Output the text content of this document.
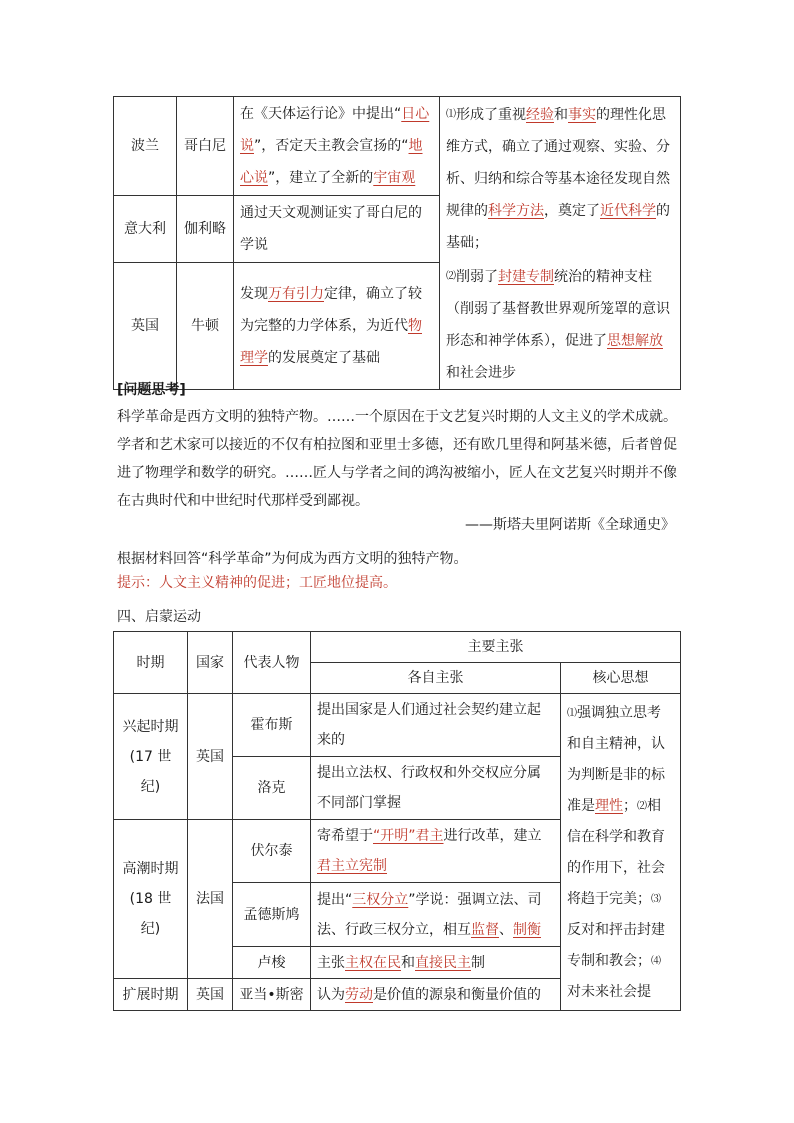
波兰	哥白尼	在《天体运行论》中提出“日心说”，否定天主教会宣扬的“地心说”，建立了全新的宇宙观	⑴形成了重视经验和事实的理性化思维方式，确立了通过观察、实验、分析、归纳和综合等基本途径发现自然规律的科学方法，奠定了近代科学的基础；
⑵削弱了封建专制统治的精神支柱（削弱了基督教世界观所笼罩的意识形态和神学体系），促进了思想解放和社会进步

意大利	伽利略	通过天文观测证实了哥白尼的学说	
英国	牛顿	发现万有引力定律，确立了较为完整的力学体系，为近代物理学的发展奠定了基础	
[问题思考]
科学革命是西方文明的独特产物。……一个原因在于文艺复兴时期的人文主义的学术成就。学者和艺术家可以接近的不仅有柏拉图和亚里士多德，还有欧几里得和阿基米德，后者曾促进了物理学和数学的研究。……匠人与学者之间的鸿沟被缩小，匠人在文艺复兴时期并不像在古典时代和中世纪时代那样受到鄙视。
——斯塔夫里阿诺斯《全球通史》
根据材料回答“科学革命”为何成为西方文明的独特产物。
提示：人文主义精神的促进；工匠地位提高。
四、启蒙运动
时期	国家	代表人物	主要主张	
			各自主张	核心思想

兴起时期
(17 世纪)	英国	霍布斯	提出国家是人们通过社会契约建立起来的	⑴强调独立思考和自主精神，认为判断是非的标准是理性；⑵相信在科学和教育的作用下，社会将趋于完美；⑶反对和抨击封建专制和教会；⑷对未来社会提
		洛克	提出立法权、行政权和外交权应分属不同部门掌握	

高潮时期
(18 世纪)	法国	伏尔泰	寄希望于“开明”君主进行改革，建立君主立宪制	
		孟德斯鸠	提出“三权分立”学说：强调立法、司法、行政三权分立，相互监督、制衡	
		卢梭	主张主权在民和直接民主制	
扩展时期	英国	亚当•斯密	认为劳动是价值的源泉和衡量价值的	
